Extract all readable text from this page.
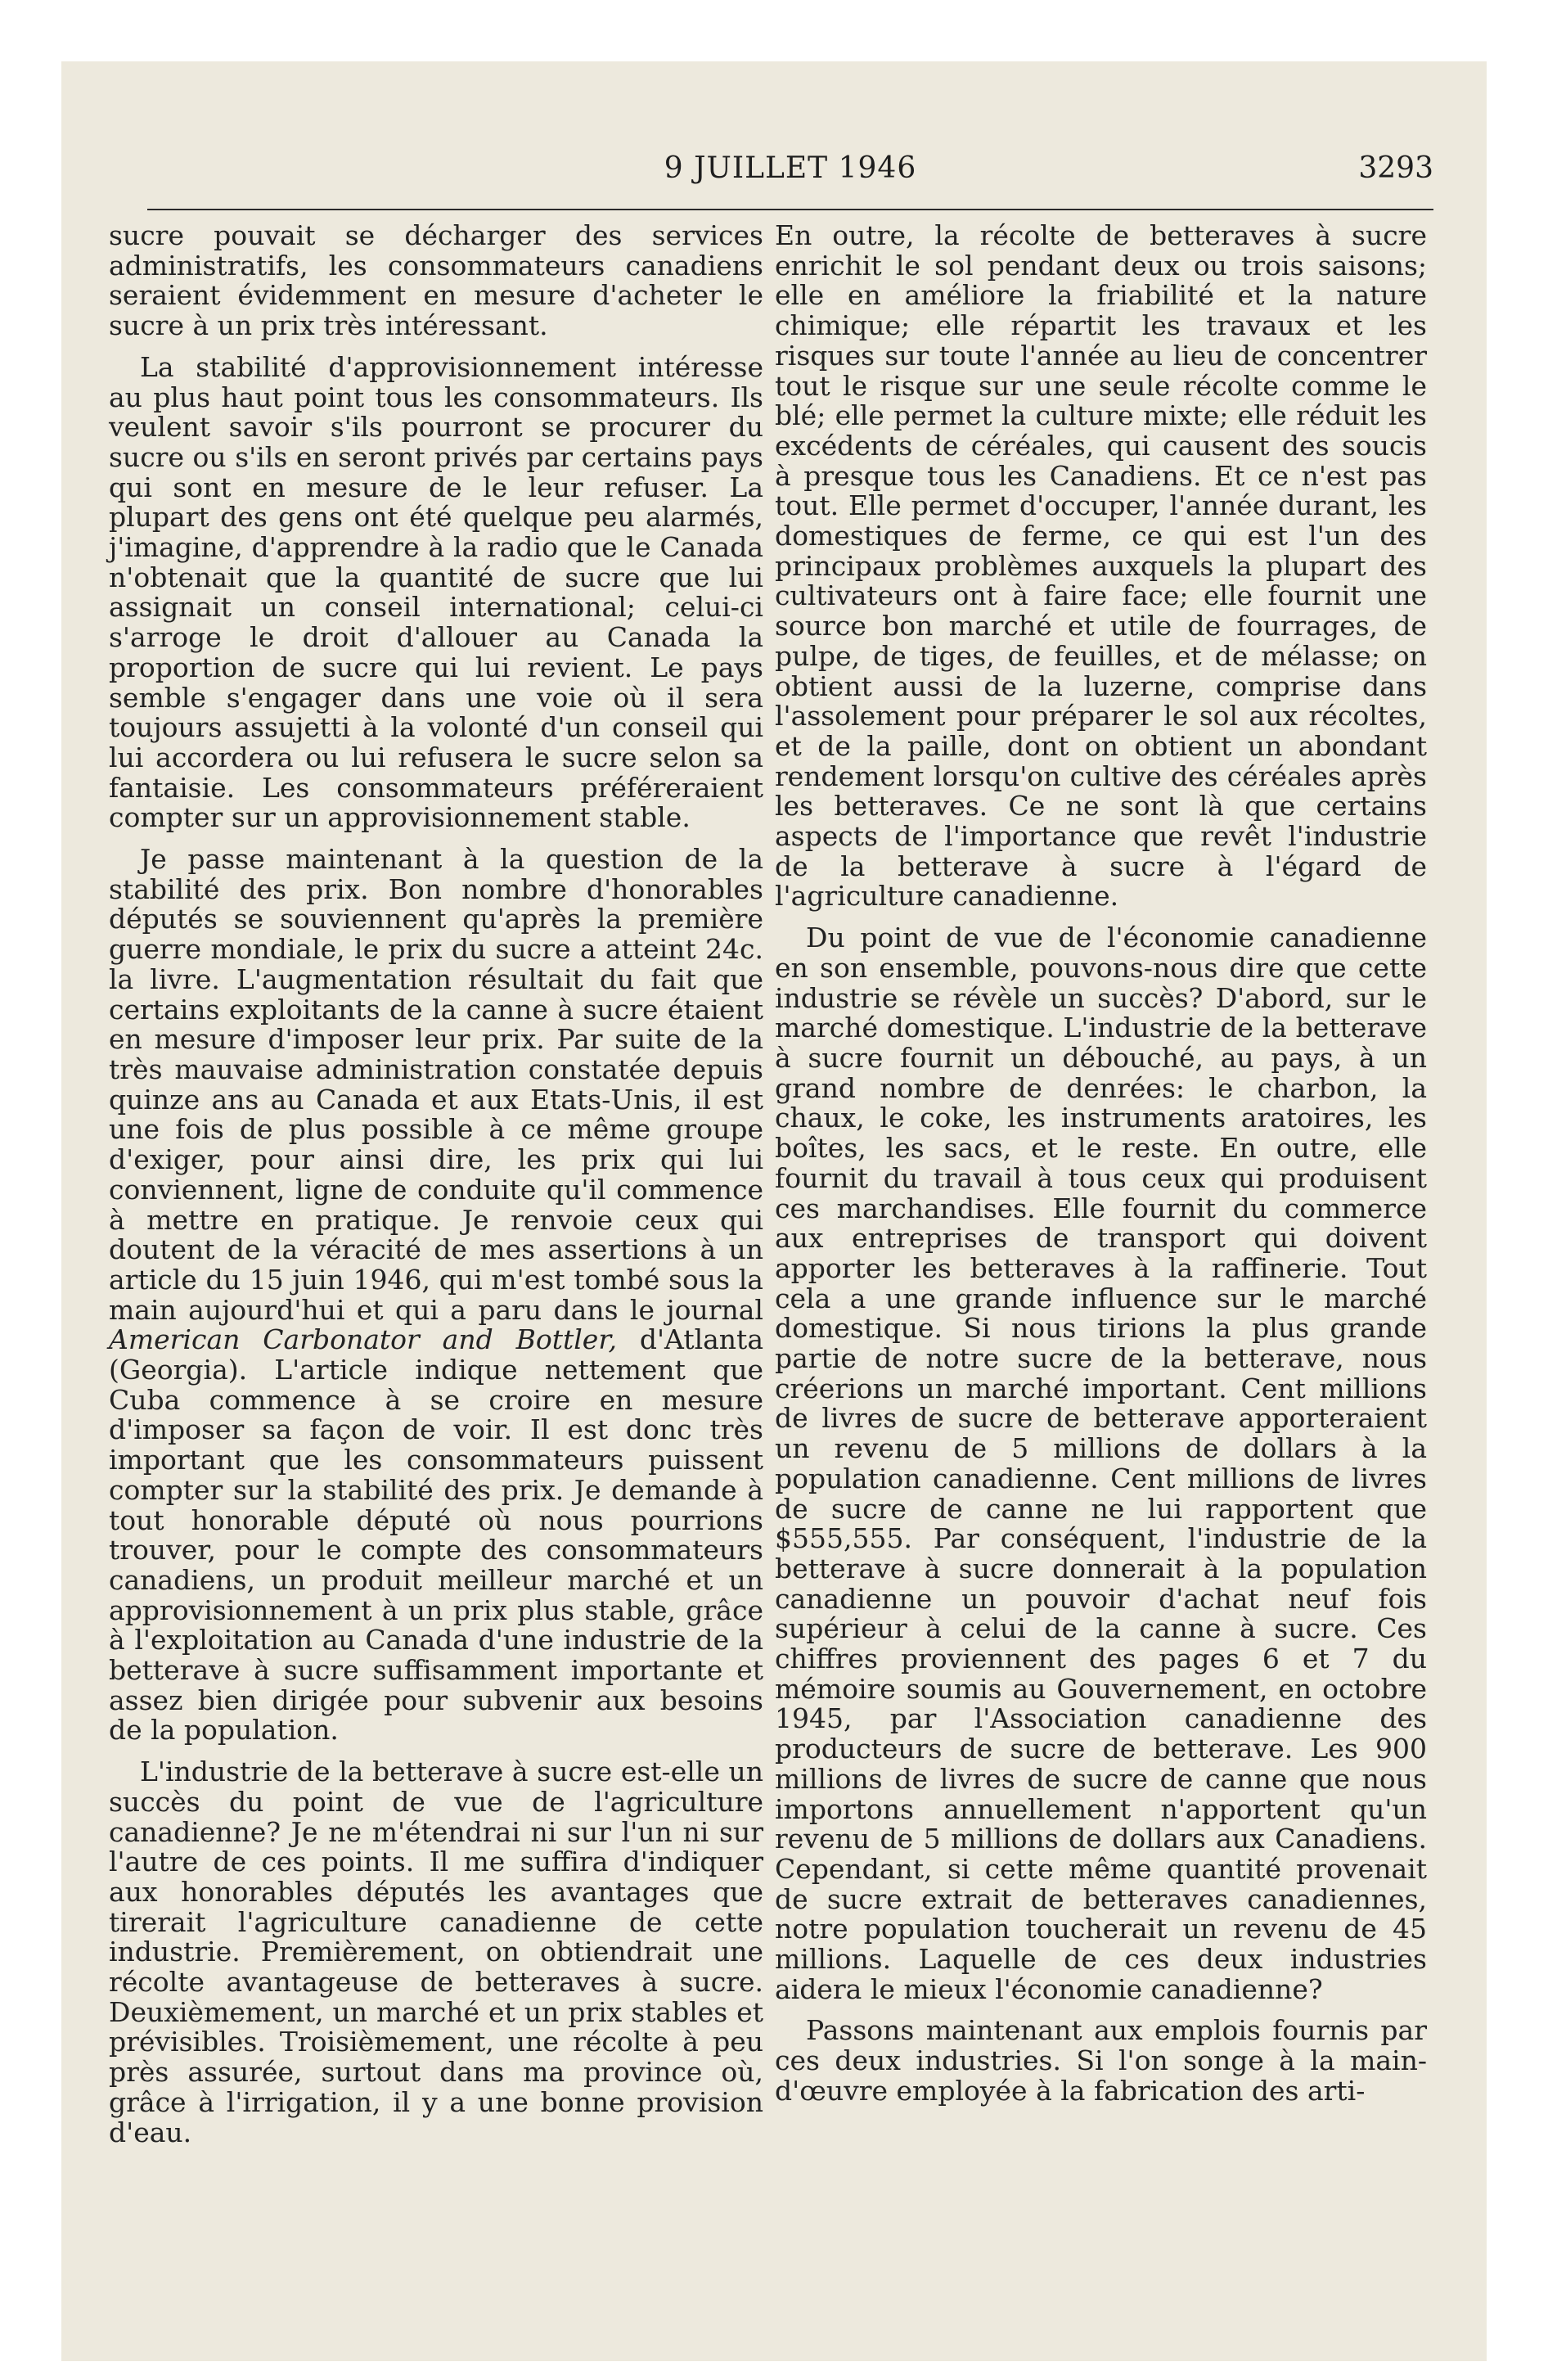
9 JUILLET 1946	3293

sucre pouvait se décharger des services administratifs, les consommateurs canadiens seraient évidemment en mesure d'acheter le sucre à un prix très intéressant.

La stabilité d'approvisionnement intéresse au plus haut point tous les consommateurs. Ils veulent savoir s'ils pourront se procurer du sucre ou s'ils en seront privés par certains pays qui sont en mesure de le leur refuser. La plupart des gens ont été quelque peu alarmés, j'imagine, d'apprendre à la radio que le Canada n'obtenait que la quantité de sucre que lui assignait un conseil international; celui-ci s'arroge le droit d'allouer au Canada la proportion de sucre qui lui revient. Le pays semble s'engager dans une voie où il sera toujours assujetti à la volonté d'un conseil qui lui accordera ou lui refusera le sucre selon sa fantaisie. Les consommateurs préféreraient compter sur un approvisionnement stable.

Je passe maintenant à la question de la stabilité des prix. Bon nombre d'honorables députés se souviennent qu'après la première guerre mondiale, le prix du sucre a atteint 24c. la livre. L'augmentation résultait du fait que certains exploitants de la canne à sucre étaient en mesure d'imposer leur prix. Par suite de la très mauvaise administration constatée depuis quinze ans au Canada et aux Etats-Unis, il est une fois de plus possible à ce même groupe d'exiger, pour ainsi dire, les prix qui lui conviennent, ligne de conduite qu'il commence à mettre en pratique. Je renvoie ceux qui doutent de la véracité de mes assertions à un article du 15 juin 1946, qui m'est tombé sous la main aujourd'hui et qui a paru dans le journal American Carbonator and Bottler, d'Atlanta (Georgia). L'article indique nettement que Cuba commence à se croire en mesure d'imposer sa façon de voir. Il est donc très important que les consommateurs puissent compter sur la stabilité des prix. Je demande à tout honorable député où nous pourrions trouver, pour le compte des consommateurs canadiens, un produit meilleur marché et un approvisionnement à un prix plus stable, grâce à l'exploitation au Canada d'une industrie de la betterave à sucre suffisamment importante et assez bien dirigée pour subvenir aux besoins de la population.

L'industrie de la betterave à sucre est-elle un succès du point de vue de l'agriculture canadienne? Je ne m'étendrai ni sur l'un ni sur l'autre de ces points. Il me suffira d'indiquer aux honorables députés les avantages que tirerait l'agriculture canadienne de cette industrie. Premièrement, on obtiendrait une récolte avantageuse de betteraves à sucre. Deuxièmement, un marché et un prix stables et prévisibles. Troisièmement, une récolte à peu près assurée, surtout dans ma province où, grâce à l'irrigation, il y a une bonne provision d'eau.

En outre, la récolte de betteraves à sucre enrichit le sol pendant deux ou trois saisons; elle en améliore la friabilité et la nature chimique; elle répartit les travaux et les risques sur toute l'année au lieu de concentrer tout le risque sur une seule récolte comme le blé; elle permet la culture mixte; elle réduit les excédents de céréales, qui causent des soucis à presque tous les Canadiens. Et ce n'est pas tout. Elle permet d'occuper, l'année durant, les domestiques de ferme, ce qui est l'un des principaux problèmes auxquels la plupart des cultivateurs ont à faire face; elle fournit une source bon marché et utile de fourrages, de pulpe, de tiges, de feuilles, et de mélasse; on obtient aussi de la luzerne, comprise dans l'assolement pour préparer le sol aux récoltes, et de la paille, dont on obtient un abondant rendement lorsqu'on cultive des céréales après les betteraves. Ce ne sont là que certains aspects de l'importance que revêt l'industrie de la betterave à sucre à l'égard de l'agriculture canadienne.

Du point de vue de l'économie canadienne en son ensemble, pouvons-nous dire que cette industrie se révèle un succès? D'abord, sur le marché domestique. L'industrie de la betterave à sucre fournit un débouché, au pays, à un grand nombre de denrées: le charbon, la chaux, le coke, les instruments aratoires, les boîtes, les sacs, et le reste. En outre, elle fournit du travail à tous ceux qui produisent ces marchandises. Elle fournit du commerce aux entreprises de transport qui doivent apporter les betteraves à la raffinerie. Tout cela a une grande influence sur le marché domestique. Si nous tirions la plus grande partie de notre sucre de la betterave, nous créerions un marché important. Cent millions de livres de sucre de betterave apporteraient un revenu de 5 millions de dollars à la population canadienne. Cent millions de livres de sucre de canne ne lui rapportent que $555,555. Par conséquent, l'industrie de la betterave à sucre donnerait à la population canadienne un pouvoir d'achat neuf fois supérieur à celui de la canne à sucre. Ces chiffres proviennent des pages 6 et 7 du mémoire soumis au Gouvernement, en octobre 1945, par l'Association canadienne des producteurs de sucre de betterave. Les 900 millions de livres de sucre de canne que nous importons annuellement n'apportent qu'un revenu de 5 millions de dollars aux Canadiens. Cependant, si cette même quantité provenait de sucre extrait de betteraves canadiennes, notre population toucherait un revenu de 45 millions. Laquelle de ces deux industries aidera le mieux l'économie canadienne?

Passons maintenant aux emplois fournis par ces deux industries. Si l'on songe à la main-d'œuvre employée à la fabrication des arti-
